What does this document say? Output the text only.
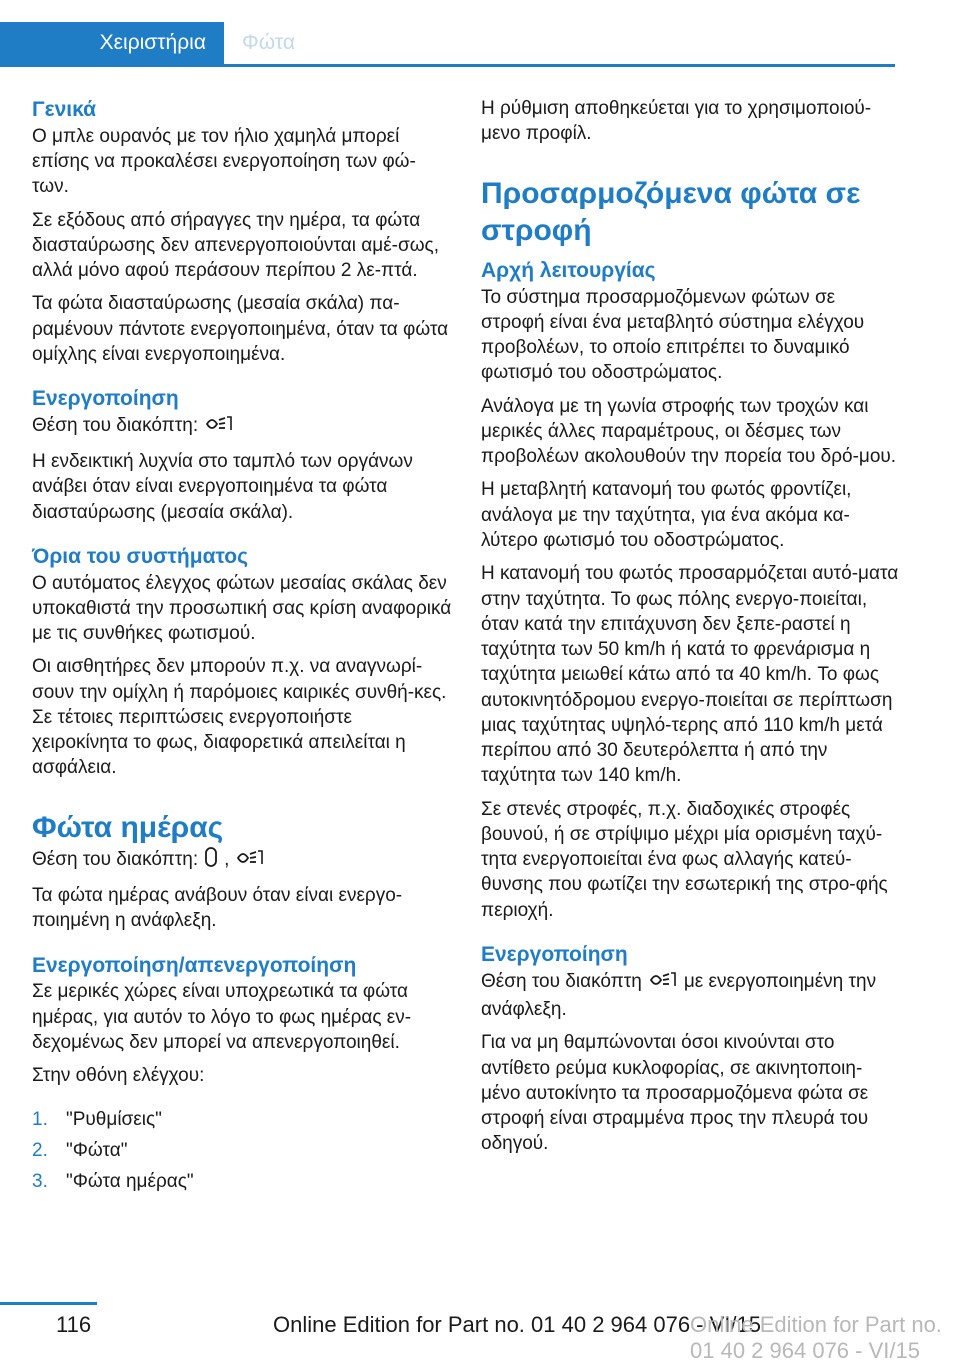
Χειριστήρια	Φώτα

Γενικά

Ο μπλε ουρανός με τον ήλιο χαμηλά μπορεί επίσης να προκαλέσει ενεργοποίηση των φώ-των.

Σε εξόδους από σήραγγες την ημέρα, τα φώτα διασταύρωσης δεν απενεργοποιούνται αμέ-σως, αλλά μόνο αφού περάσουν περίπου 2 λε-πτά.

Τα φώτα διασταύρωσης (μεσαία σκάλα) πα-ραμένουν πάντοτε ενεργοποιημένα, όταν τα φώτα ομίχλης είναι ενεργοποιημένα.

Ενεργοποίηση

Θέση του διακόπτη:

Η ενδεικτική λυχνία στο ταμπλό των οργάνων ανάβει όταν είναι ενεργοποιημένα τα φώτα διασταύρωσης (μεσαία σκάλα).

Όρια του συστήματος

Ο αυτόματος έλεγχος φώτων μεσαίας σκάλας δεν υποκαθιστά την προσωπική σας κρίση αναφορικά με τις συνθήκες φωτισμού.

Οι αισθητήρες δεν μπορούν π.χ. να αναγνωρί-σουν την ομίχλη ή παρόμοιες καιρικές συνθή-κες. Σε τέτοιες περιπτώσεις ενεργοποιήστε χειροκίνητα το φως, διαφορετικά απειλείται η ασφάλεια.

Φώτα ημέρας

Θέση του διακόπτη: ,

Τα φώτα ημέρας ανάβουν όταν είναι ενεργο-ποιημένη η ανάφλεξη.

Ενεργοποίηση/απενεργοποίηση

Σε μερικές χώρες είναι υποχρεωτικά τα φώτα ημέρας, για αυτόν το λόγο το φως ημέρας εν-δεχομένως δεν μπορεί να απενεργοποιηθεί.

Στην οθόνη ελέγχου:

1. "Ρυθμίσεις"
2. "Φώτα"
3. "Φώτα ημέρας"

Η ρύθμιση αποθηκεύεται για το χρησιμοποιού-μενο προφίλ.

Προσαρμοζόμενα φώτα σε στροφή

Αρχή λειτουργίας

Το σύστημα προσαρμοζόμενων φώτων σε στροφή είναι ένα μεταβλητό σύστημα ελέγχου προβολέων, το οποίο επιτρέπει το δυναμικό φωτισμό του οδοστρώματος.

Ανάλογα με τη γωνία στροφής των τροχών και μερικές άλλες παραμέτρους, οι δέσμες των προβολέων ακολουθούν την πορεία του δρό-μου.

Η μεταβλητή κατανομή του φωτός φροντίζει, ανάλογα με την ταχύτητα, για ένα ακόμα κα-λύτερο φωτισμό του οδοστρώματος.

Η κατανομή του φωτός προσαρμόζεται αυτό-ματα στην ταχύτητα. Το φως πόλης ενεργο-ποιείται, όταν κατά την επιτάχυνση δεν ξεπε-ραστεί η ταχύτητα των 50 km/h ή κατά το φρενάρισμα η ταχύτητα μειωθεί κάτω από τα 40 km/h. Το φως αυτοκινητόδρομου ενεργο-ποιείται σε περίπτωση μιας ταχύτητας υψηλό-τερης από 110 km/h μετά περίπου από 30 δευτερόλεπτα ή από την ταχύτητα των 140 km/h.

Σε στενές στροφές, π.χ. διαδοχικές στροφές βουνού, ή σε στρίψιμο μέχρι μία ορισμένη ταχύ-τητα ενεργοποιείται ένα φως αλλαγής κατεύ-θυνσης που φωτίζει την εσωτερική της στρο-φής περιοχή.

Ενεργοποίηση

Θέση του διακόπτη με ενεργοποιημένη την ανάφλεξη.

Για να μη θαμπώνονται όσοι κινούνται στο αντίθετο ρεύμα κυκλοφορίας, σε ακινητοποιη-μένο αυτοκίνητο τα προσαρμοζόμενα φώτα σε στροφή είναι στραμμένα προς την πλευρά του οδηγού.

116	Online Edition for Part no. 01 40 2 964 076 - VI/15
Online Edition for Part no. 01 40 2 964 076 - VI/15
